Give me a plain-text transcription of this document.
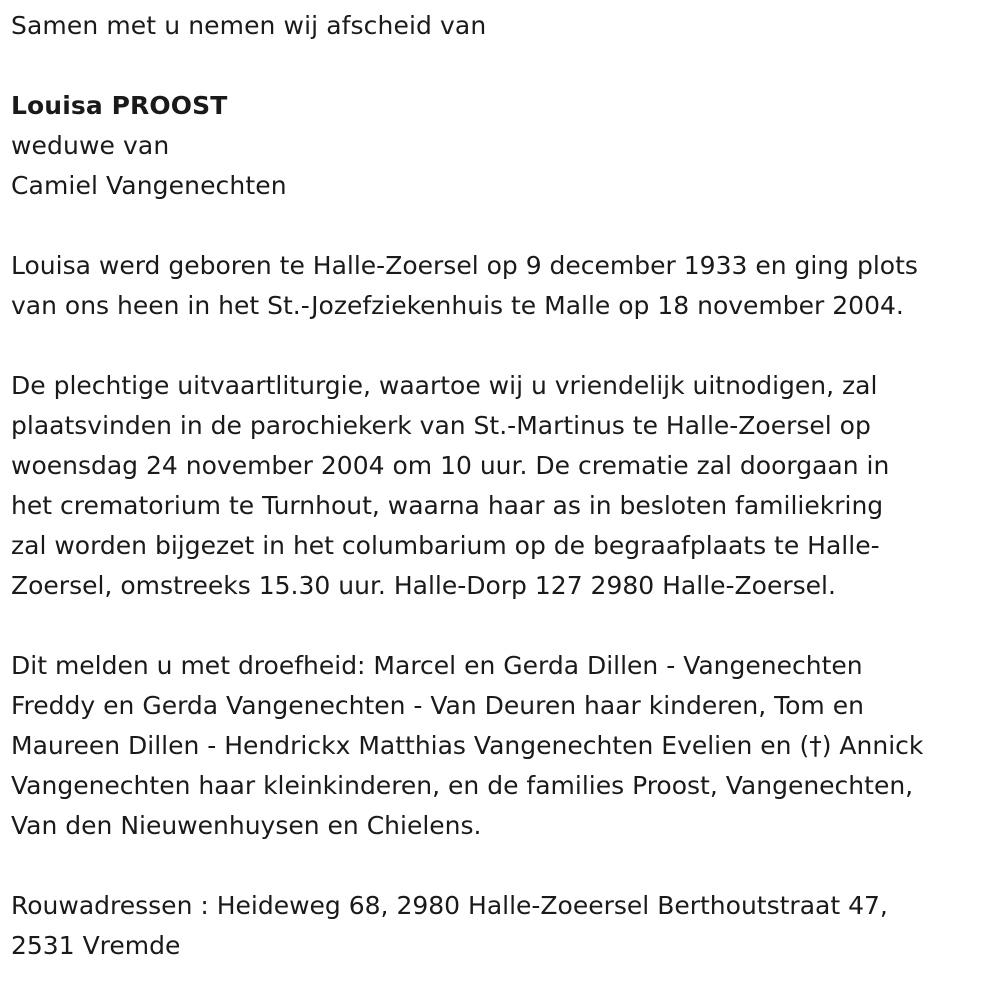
Samen met u nemen wij afscheid van
Louisa PROOST
weduwe van
Camiel Vangenechten
Louisa werd geboren te Halle-Zoersel op 9 december 1933 en ging plots
van ons heen in het St.-Jozefziekenhuis te Malle op 18 november 2004.
De plechtige uitvaartliturgie, waartoe wij u vriendelijk uitnodigen, zal
plaatsvinden in de parochiekerk van St.-Martinus te Halle-Zoersel op
woensdag 24 november 2004 om 10 uur. De crematie zal doorgaan in
het crematorium te Turnhout, waarna haar as in besloten familiekring
zal worden bijgezet in het columbarium op de begraafplaats te Halle-
Zoersel, omstreeks 15.30 uur. Halle-Dorp 127 2980 Halle-Zoersel.
Dit melden u met droefheid: Marcel en Gerda Dillen - Vangenechten
Freddy en Gerda Vangenechten - Van Deuren haar kinderen, Tom en
Maureen Dillen - Hendrickx Matthias Vangenechten Evelien en (†) Annick
Vangenechten haar kleinkinderen, en de families Proost, Vangenechten,
Van den Nieuwenhuysen en Chielens.
Rouwadressen : Heideweg 68, 2980 Halle-Zoeersel Berthoutstraat 47,
2531 Vremde
